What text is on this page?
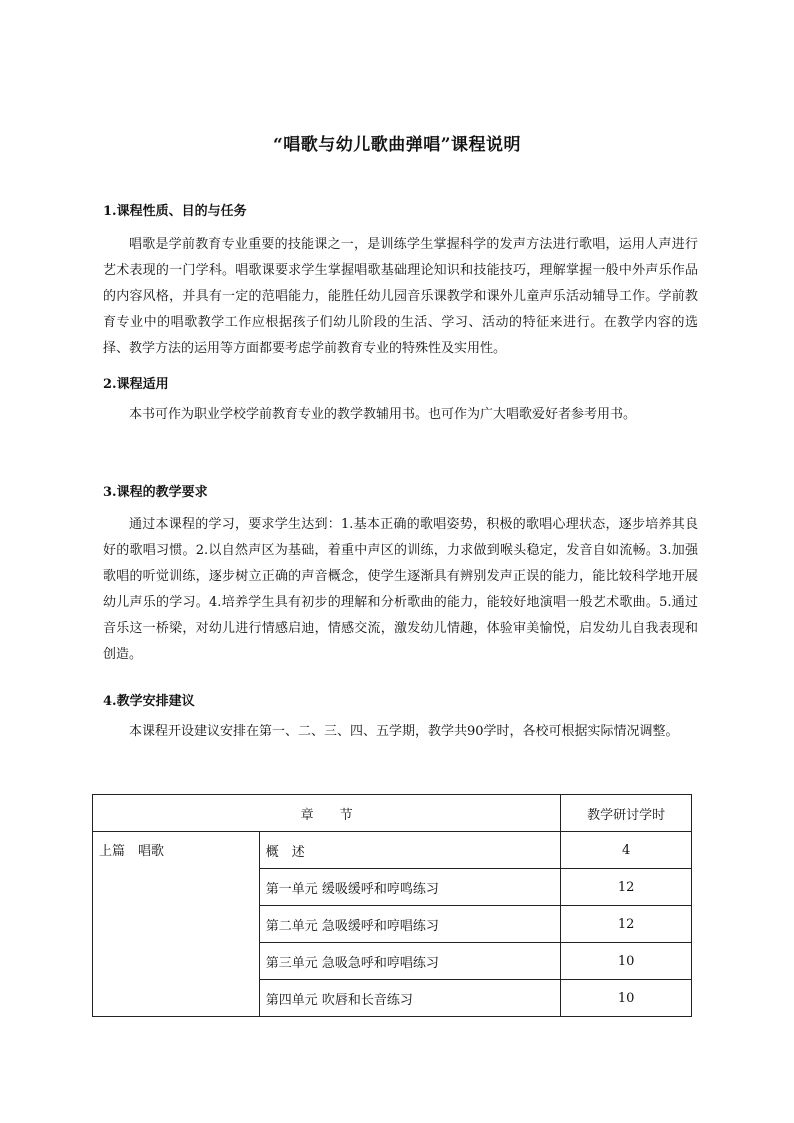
“唱歌与幼儿歌曲弹唱”课程说明
1.课程性质、目的与任务

唱歌是学前教育专业重要的技能课之一，是训练学生掌握科学的发声方法进行歌唱，运用人声进行艺术表现的一门学科。唱歌课要求学生掌握唱歌基础理论知识和技能技巧，理解掌握一般中外声乐作品的内容风格，并具有一定的范唱能力，能胜任幼儿园音乐课教学和课外儿童声乐活动辅导工作。学前教育专业中的唱歌教学工作应根据孩子们幼儿阶段的生活、学习、活动的特征来进行。在教学内容的选择、教学方法的运用等方面都要考虑学前教育专业的特殊性及实用性。

2.课程适用

本书可作为职业学校学前教育专业的教学教辅用书。也可作为广大唱歌爱好者参考用书。

3.课程的教学要求

通过本课程的学习，要求学生达到：1.基本正确的歌唱姿势，积极的歌唱心理状态，逐步培养其良好的歌唱习惯。2.以自然声区为基础，着重中声区的训练，力求做到喉头稳定，发音自如流畅。3.加强歌唱的听觉训练，逐步树立正确的声音概念，使学生逐渐具有辨别发声正误的能力，能比较科学地开展幼儿声乐的学习。4.培养学生具有初步的理解和分析歌曲的能力，能较好地演唱一般艺术歌曲。5.通过音乐这一桥梁，对幼儿进行情感启迪，情感交流，激发幼儿情趣，体验审美愉悦，启发幼儿自我表现和创造。

4.教学安排建议

本课程开设建议安排在第一、二、三、四、五学期，教学共90学时，各校可根据实际情况调整。

章　　节		教学研讨学时
上篇　唱歌	概　述	4
	第一单元 缓吸缓呼和哼鸣练习	12
	第二单元 急吸缓呼和哼唱练习	12
	第三单元 急吸急呼和哼唱练习	10
	第四单元 吹唇和长音练习	10
